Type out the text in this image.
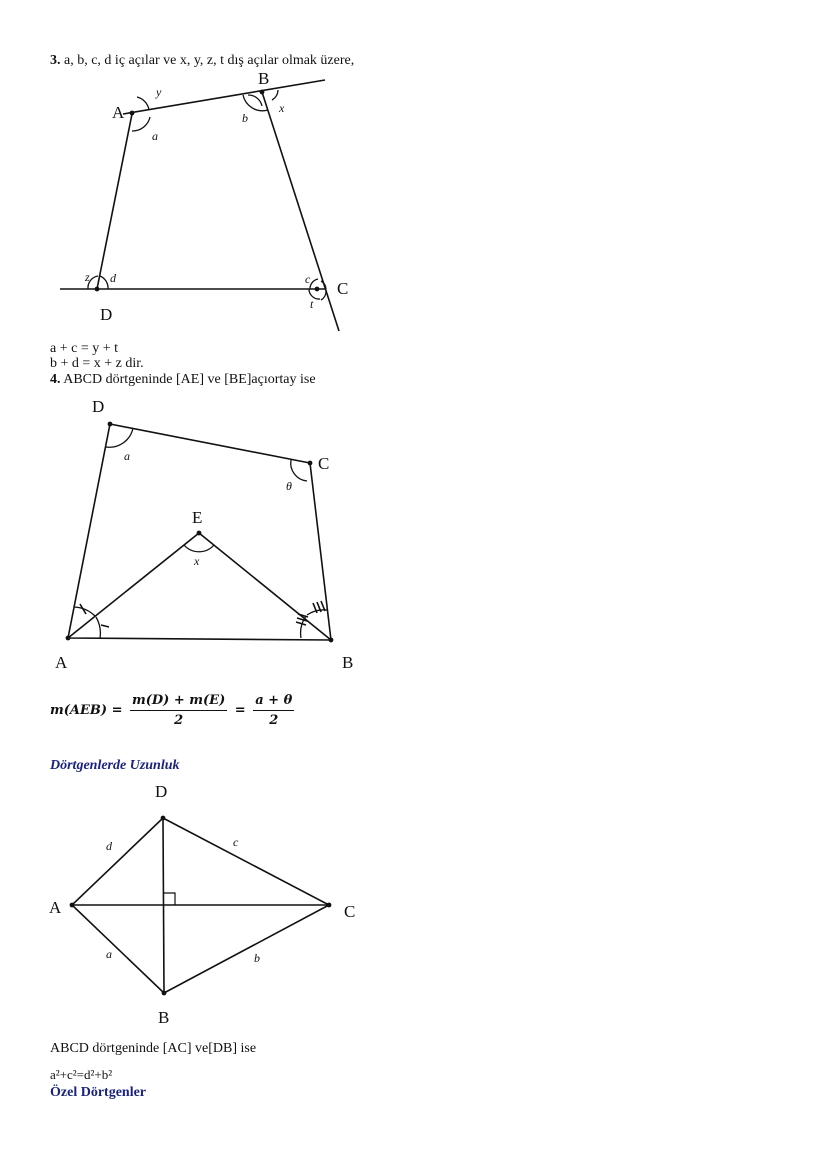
3. a, b, c, d iç açılar ve x, y, z, t dış açılar olmak üzere,
A
B
C
D
y
a
b
x
z d	c
t
a + c = y + t
b + d = x + z dir.
4. ABCD dörtgeninde [AE] ve [BE]açıortay ise
D
C
E
A	B
a
θ
x
$m(AEB) = \frac{m(D) + m(E)}{2} = \frac{a + \theta}{2}$
Dörtgenlerde Uzunluk
D
A	C
B
d	c
a	b
ABCD dörtgeninde [AC] ve[DB] ise
a²+c²=d²+b²
Özel Dörtgenler
